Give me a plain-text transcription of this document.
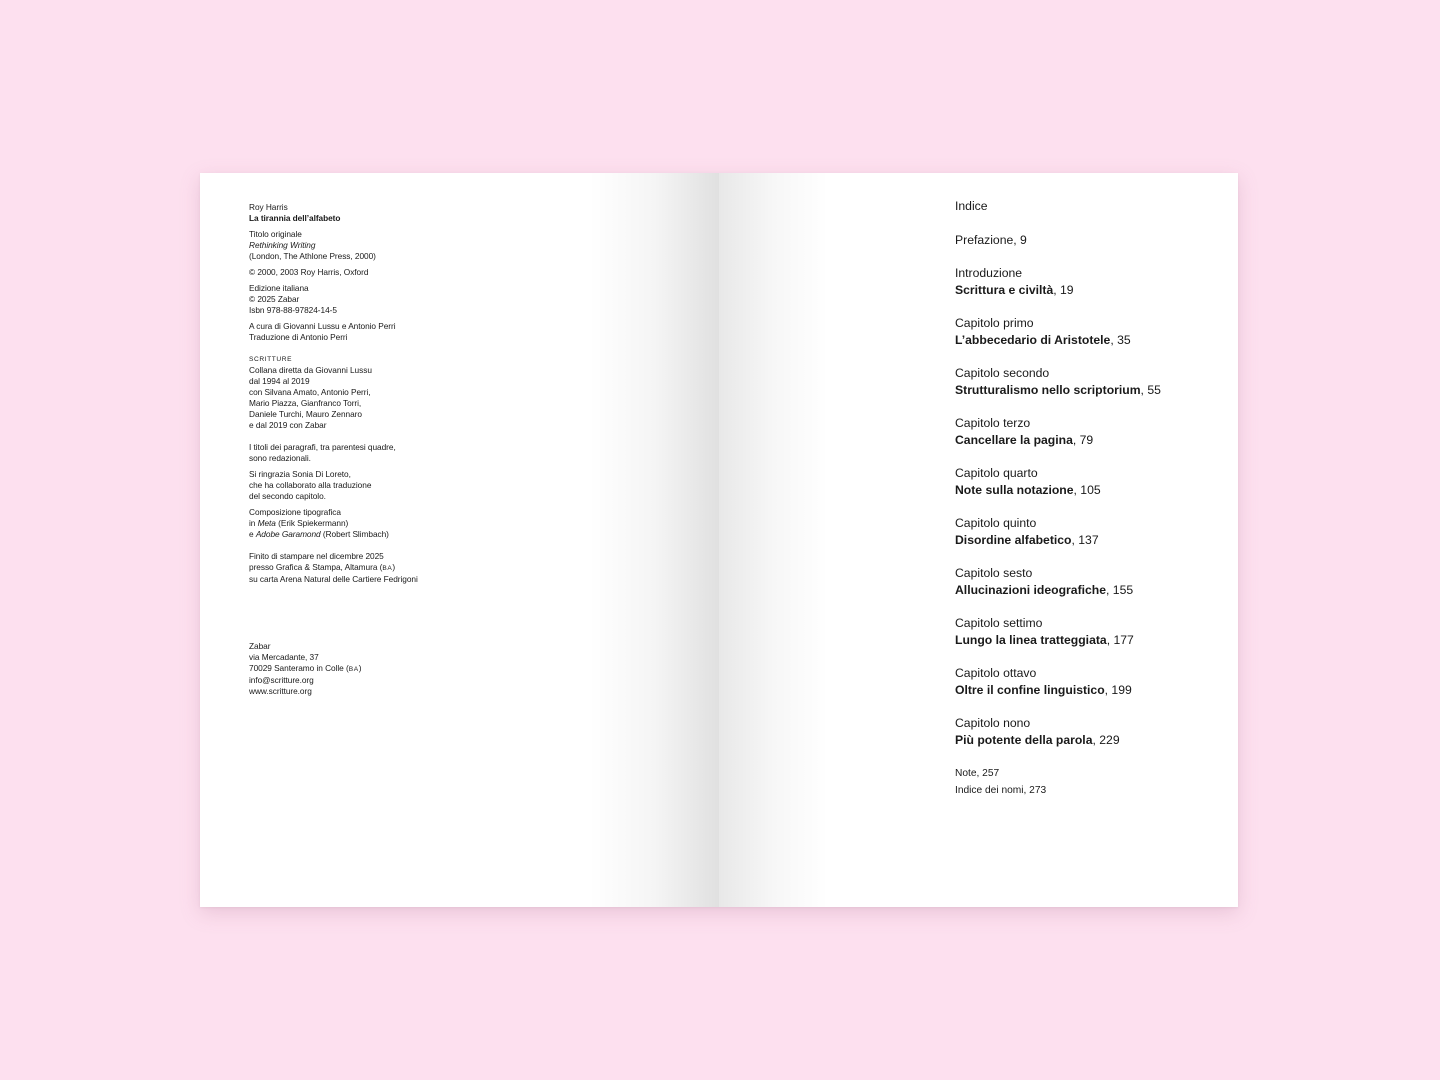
Roy Harris
La tirannia dell’alfabeto
Titolo originale
Rethinking Writing
(London, The Athlone Press, 2000)
© 2000, 2003 Roy Harris, Oxford
Edizione italiana
© 2025 Zabar
Isbn 978-88-97824-14-5
A cura di Giovanni Lussu e Antonio Perri
Traduzione di Antonio Perri
SCRITTURE
Collana diretta da Giovanni Lussu
dal 1994 al 2019
con Silvana Amato, Antonio Perri,
Mario Piazza, Gianfranco Torri,
Daniele Turchi, Mauro Zennaro
e dal 2019 con Zabar
I titoli dei paragrafi, tra parentesi quadre,
sono redazionali.
Si ringrazia Sonia Di Loreto,
che ha collaborato alla traduzione
del secondo capitolo.
Composizione tipografica
in Meta (Erik Spiekermann)
e Adobe Garamond (Robert Slimbach)
Finito di stampare nel dicembre 2025
presso Grafica & Stampa, Altamura (BA)
su carta Arena Natural delle Cartiere Fedrigoni
Zabar
via Mercadante, 37
70029 Santeramo in Colle (BA)
info@scritture.org
www.scritture.org
Indice
Prefazione, 9
Introduzione
Scrittura e civiltà, 19
Capitolo primo
L’abbecedario di Aristotele, 35
Capitolo secondo
Strutturalismo nello scriptorium, 55
Capitolo terzo
Cancellare la pagina, 79
Capitolo quarto
Note sulla notazione, 105
Capitolo quinto
Disordine alfabetico, 137
Capitolo sesto
Allucinazioni ideografiche, 155
Capitolo settimo
Lungo la linea tratteggiata, 177
Capitolo ottavo
Oltre il confine linguistico, 199
Capitolo nono
Più potente della parola, 229
Note, 257
Indice dei nomi, 273
